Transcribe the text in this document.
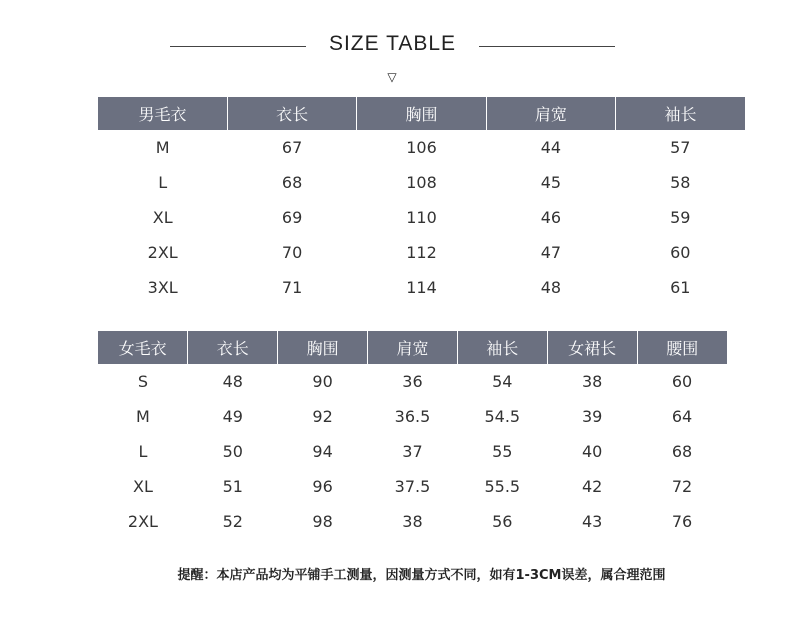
SIZE TABLE
▽
男毛衣	衣长	胸围	肩宽	袖长
M	67	106	44	57
L	68	108	45	58
XL	69	110	46	59
2XL	70	112	47	60
3XL	71	114	48	61
女毛衣	衣长	胸围	肩宽	袖长	女裙长	腰围
S	48	90	36	54	38	60
M	49	92	36.5	54.5	39	64
L	50	94	37	55	40	68
XL	51	96	37.5	55.5	42	72
2XL	52	98	38	56	43	76
提醒：本店产品均为平铺手工测量，因测量方式不同，如有1-3CM误差，属合理范围
